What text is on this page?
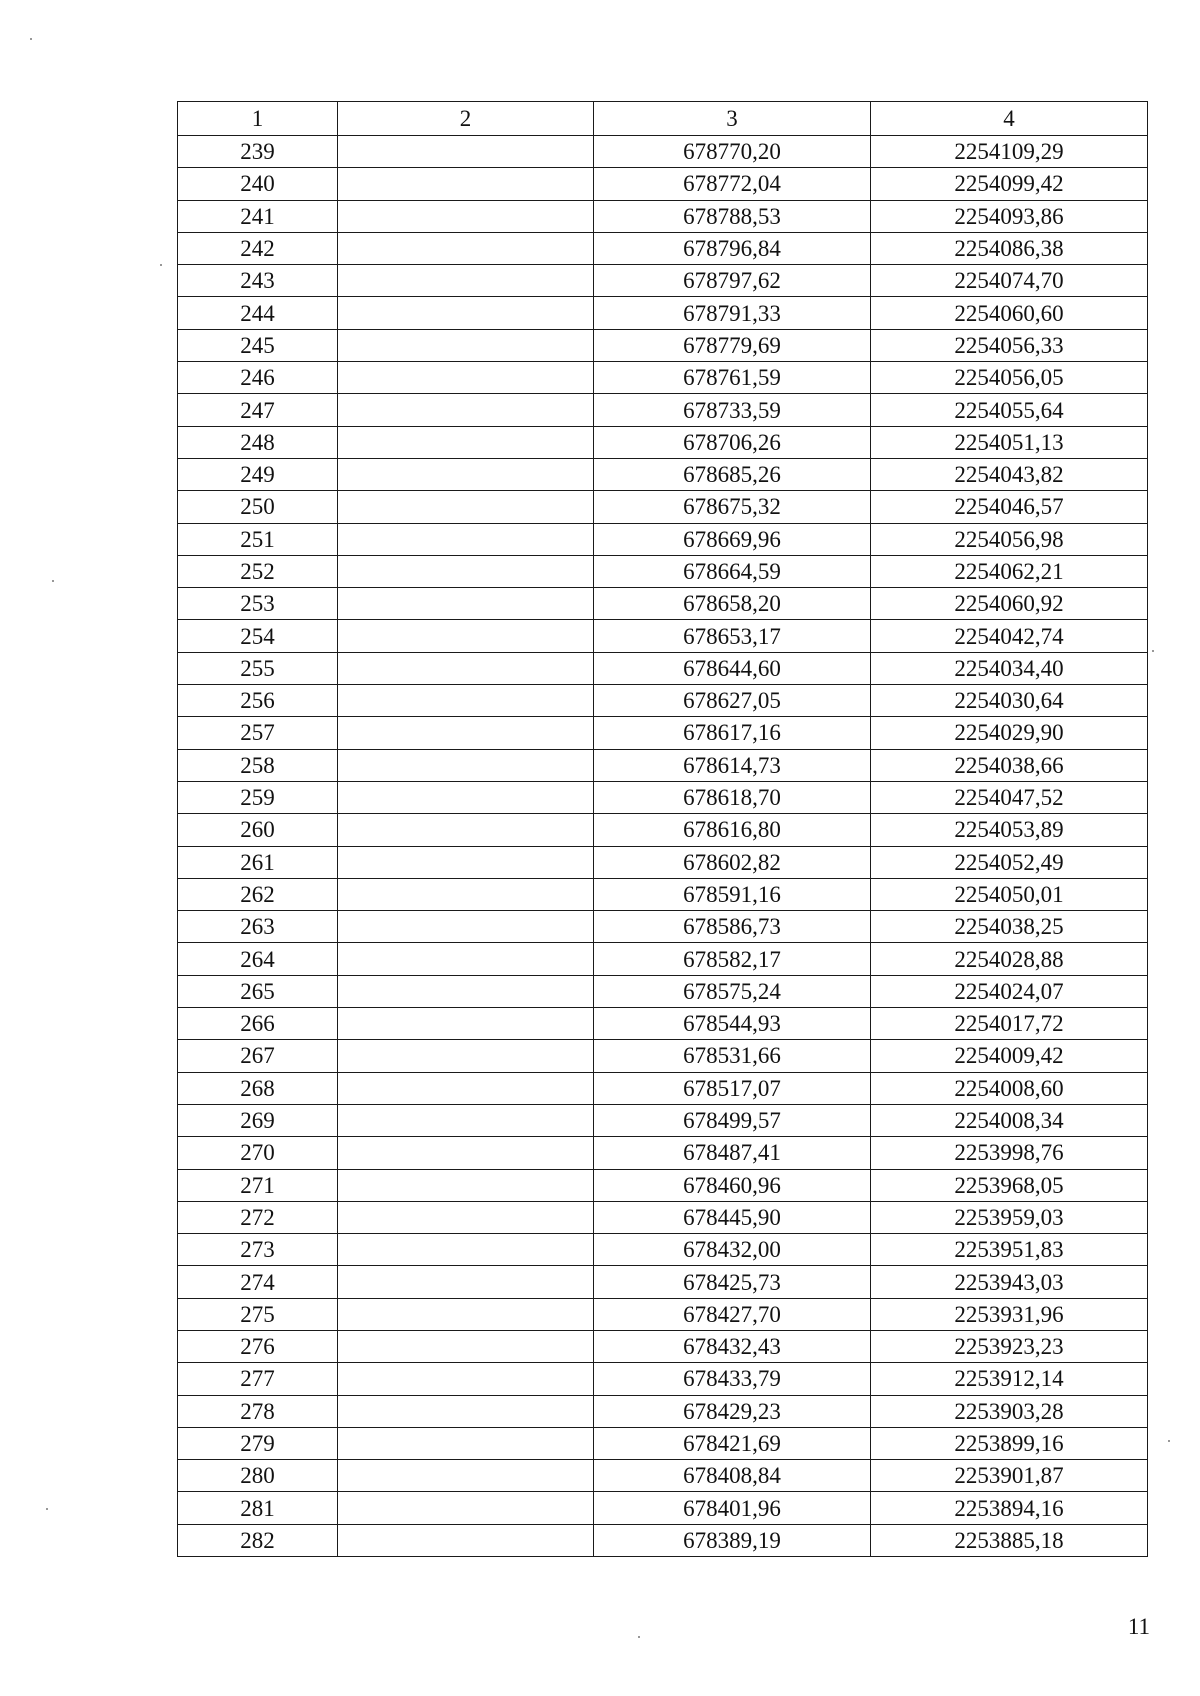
1	2	3	4
239		678770,20	2254109,29
240		678772,04	2254099,42
241		678788,53	2254093,86
242		678796,84	2254086,38
243		678797,62	2254074,70
244		678791,33	2254060,60
245		678779,69	2254056,33
246		678761,59	2254056,05
247		678733,59	2254055,64
248		678706,26	2254051,13
249		678685,26	2254043,82
250		678675,32	2254046,57
251		678669,96	2254056,98
252		678664,59	2254062,21
253		678658,20	2254060,92
254		678653,17	2254042,74
255		678644,60	2254034,40
256		678627,05	2254030,64
257		678617,16	2254029,90
258		678614,73	2254038,66
259		678618,70	2254047,52
260		678616,80	2254053,89
261		678602,82	2254052,49
262		678591,16	2254050,01
263		678586,73	2254038,25
264		678582,17	2254028,88
265		678575,24	2254024,07
266		678544,93	2254017,72
267		678531,66	2254009,42
268		678517,07	2254008,60
269		678499,57	2254008,34
270		678487,41	2253998,76
271		678460,96	2253968,05
272		678445,90	2253959,03
273		678432,00	2253951,83
274		678425,73	2253943,03
275		678427,70	2253931,96
276		678432,43	2253923,23
277		678433,79	2253912,14
278		678429,23	2253903,28
279		678421,69	2253899,16
280		678408,84	2253901,87
281		678401,96	2253894,16
282		678389,19	2253885,18
11
